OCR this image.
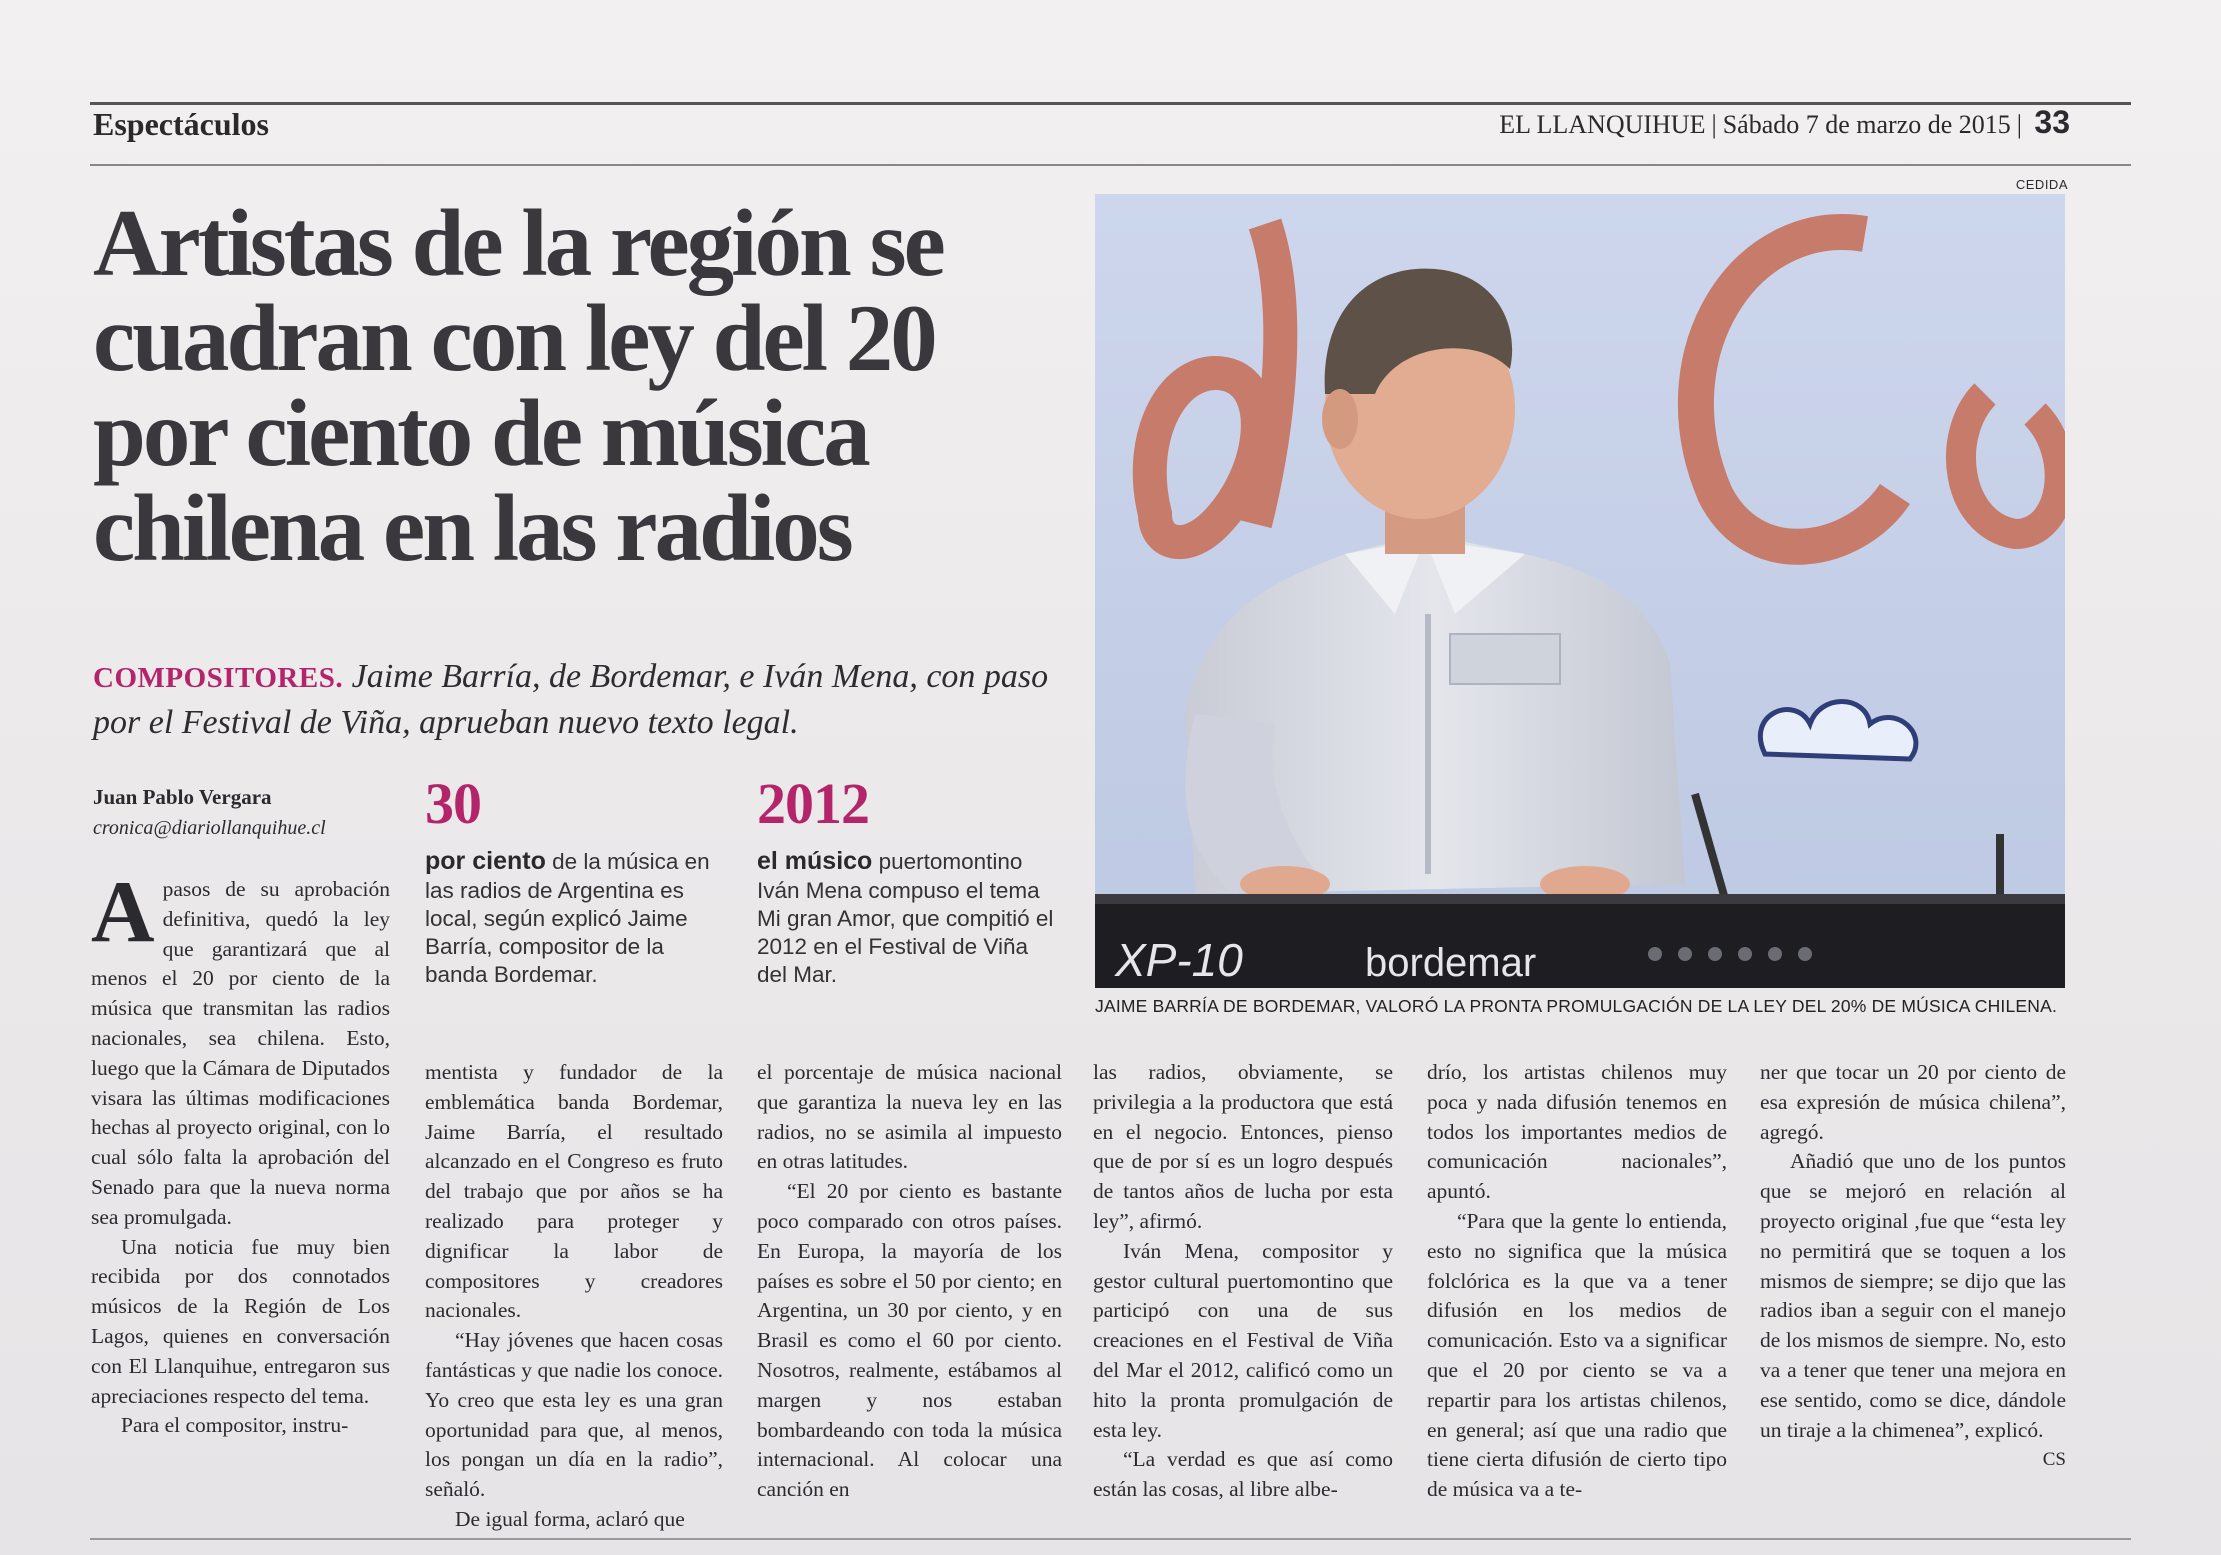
Espectáculos	EL LLANQUIHUE | Sábado 7 de marzo de 2015 | 33
Artistas de la región se
cuadran con ley del 20
por ciento de música
chilena en las radios
COMPOSITORES. Jaime Barría, de Bordemar, e Iván Mena, con paso por el Festival de Viña, aprueban nuevo texto legal.
Juan Pablo Vergara
cronica@diariollanquihue.cl 30
por ciento de la música en las radios de Argentina es local, según explicó Jaime Barría, compositor de la banda Bordemar.
2012
el músico puertomontino Iván Mena compuso el tema Mi gran Amor, que compitió el 2012 en el Festival de Viña del Mar.
CEDIDA
XP-10	bordemar
JAIME BARRÍA DE BORDEMAR, VALORÓ LA PRONTA PROMULGACIÓN DE LA LEY DEL 20% DE MÚSICA CHILENA.
A pasos de su aprobación definitiva, quedó la ley que garantizará que al menos el 20 por ciento de la música que transmitan las radios nacionales, sea chilena. Esto, luego que la Cámara de Diputados visara las últimas modificaciones hechas al proyecto original, con lo cual sólo falta la aprobación del Senado para que la nueva norma sea promulgada.

Una noticia fue muy bien recibida por dos connotados músicos de la Región de Los Lagos, quienes en conversación con El Llanquihue, entregaron sus apreciaciones respecto del tema.

Para el compositor, instru-

mentista y fundador de la emblemática banda Bordemar, Jaime Barría, el resultado alcanzado en el Congreso es fruto del trabajo que por años se ha realizado para proteger y dignificar la labor de compositores y creadores nacionales.

“Hay jóvenes que hacen cosas fantásticas y que nadie los conoce. Yo creo que esta ley es una gran oportunidad para que, al menos, los pongan un día en la radio”, señaló.

De igual forma, aclaró que

el porcentaje de música nacional que garantiza la nueva ley en las radios, no se asimila al impuesto en otras latitudes.

“El 20 por ciento es bastante poco comparado con otros países. En Europa, la mayoría de los países es sobre el 50 por ciento; en Argentina, un 30 por ciento, y en Brasil es como el 60 por ciento. Nosotros, realmente, estábamos al margen y nos estaban bombardeando con toda la música internacional. Al colocar una canción en

las radios, obviamente, se privilegia a la productora que está en el negocio. Entonces, pienso que de por sí es un logro después de tantos años de lucha por esta ley”, afirmó.

Iván Mena, compositor y gestor cultural puertomontino que participó con una de sus creaciones en el Festival de Viña del Mar el 2012, calificó como un hito la pronta promulgación de esta ley.

“La verdad es que así como están las cosas, al libre albe-

drío, los artistas chilenos muy poca y nada difusión tenemos en todos los importantes medios de comunicación nacionales”, apuntó.

“Para que la gente lo entienda, esto no significa que la música folclórica es la que va a tener difusión en los medios de comunicación. Esto va a significar que el 20 por ciento se va a repartir para los artistas chilenos, en general; así que una radio que tiene cierta difusión de cierto tipo de música va a te-

ner que tocar un 20 por ciento de esa expresión de música chilena”, agregó.

Añadió que uno de los puntos que se mejoró en relación al proyecto original ,fue que “esta ley no permitirá que se toquen a los mismos de siempre; se dijo que las radios iban a seguir con el manejo de los mismos de siempre. No, esto va a tener que tener una mejora en ese sentido, como se dice, dándole un tiraje a la chimenea”, explicó.

CS
